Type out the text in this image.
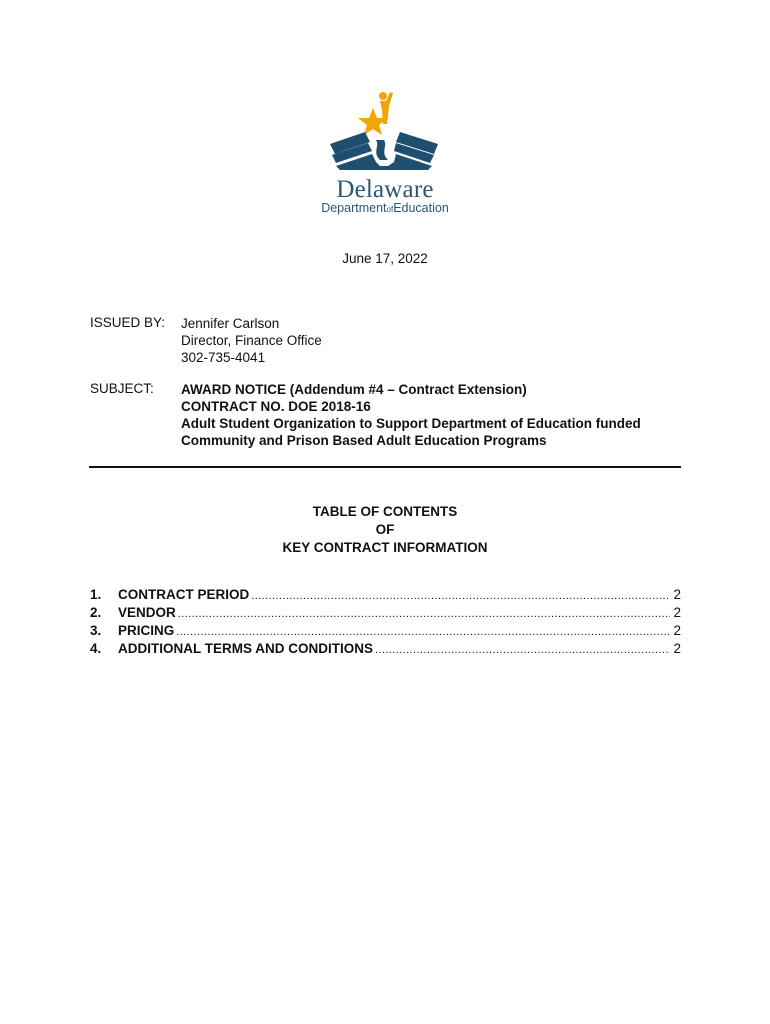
Delaware
DepartmentofEducation
June 17, 2022
ISSUED BY: Jennifer Carlson
Director, Finance Office
302-735-4041
SUBJECT: AWARD NOTICE (Addendum #4 – Contract Extension)
CONTRACT NO. DOE 2018-16
Adult Student Organization to Support Department of Education funded
Community and Prison Based Adult Education Programs
TABLE OF CONTENTS
OF
KEY CONTRACT INFORMATION
1.	CONTRACT PERIOD .....	2
2.	VENDOR .....	2
3.	PRICING .....	2
4.	ADDITIONAL TERMS AND CONDITIONS .....	2
